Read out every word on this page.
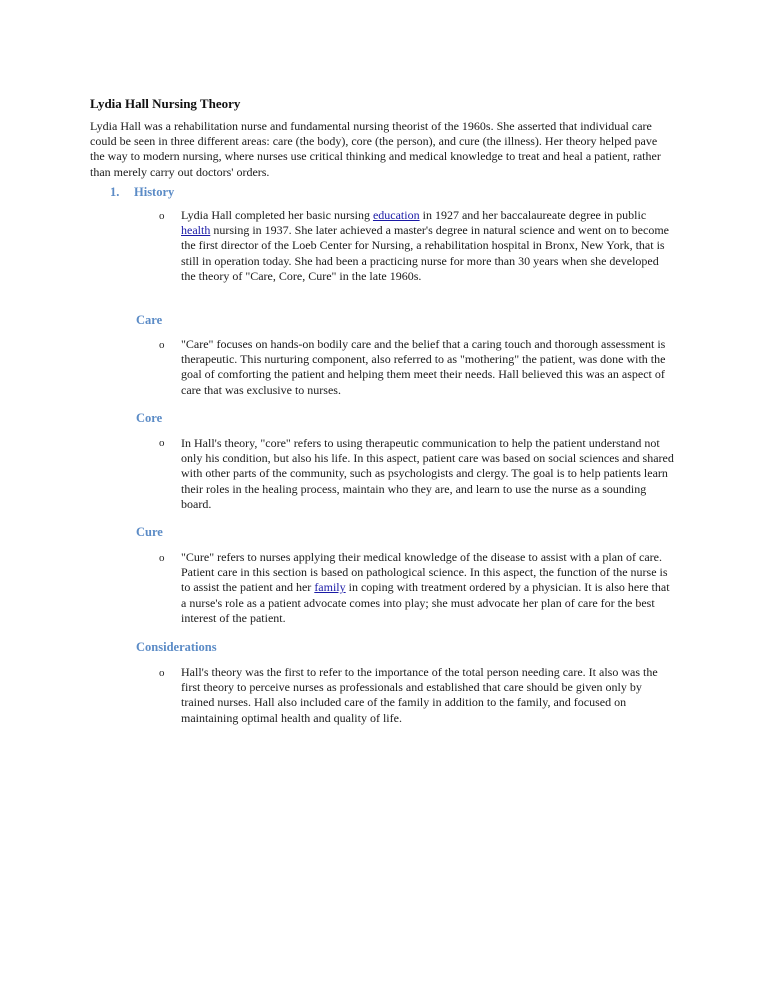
Lydia Hall Nursing Theory
Lydia Hall was a rehabilitation nurse and fundamental nursing theorist of the 1960s. She asserted that individual care could be seen in three different areas: care (the body), core (the person), and cure (the illness). Her theory helped pave the way to modern nursing, where nurses use critical thinking and medical knowledge to treat and heal a patient, rather than merely carry out doctors' orders.
1. History
o	Lydia Hall completed her basic nursing education in 1927 and her baccalaureate degree in public health nursing in 1937. She later achieved a master's degree in natural science and went on to become the first director of the Loeb Center for Nursing, a rehabilitation hospital in Bronx, New York, that is still in operation today. She had been a practicing nurse for more than 30 years when she developed the theory of "Care, Core, Cure" in the late 1960s.
Care
o	"Care" focuses on hands-on bodily care and the belief that a caring touch and thorough assessment is therapeutic. This nurturing component, also referred to as "mothering" the patient, was done with the goal of comforting the patient and helping them meet their needs. Hall believed this was an aspect of care that was exclusive to nurses.
Core
o	In Hall's theory, "core" refers to using therapeutic communication to help the patient understand not only his condition, but also his life. In this aspect, patient care was based on social sciences and shared with other parts of the community, such as psychologists and clergy. The goal is to help patients learn their roles in the healing process, maintain who they are, and learn to use the nurse as a sounding board.
Cure
o	"Cure" refers to nurses applying their medical knowledge of the disease to assist with a plan of care. Patient care in this section is based on pathological science. In this aspect, the function of the nurse is to assist the patient and her family in coping with treatment ordered by a physician. It is also here that a nurse's role as a patient advocate comes into play; she must advocate her plan of care for the best interest of the patient.
Considerations
o	Hall's theory was the first to refer to the importance of the total person needing care. It also was the first theory to perceive nurses as professionals and established that care should be given only by trained nurses. Hall also included care of the family in addition to the family, and focused on maintaining optimal health and quality of life.
